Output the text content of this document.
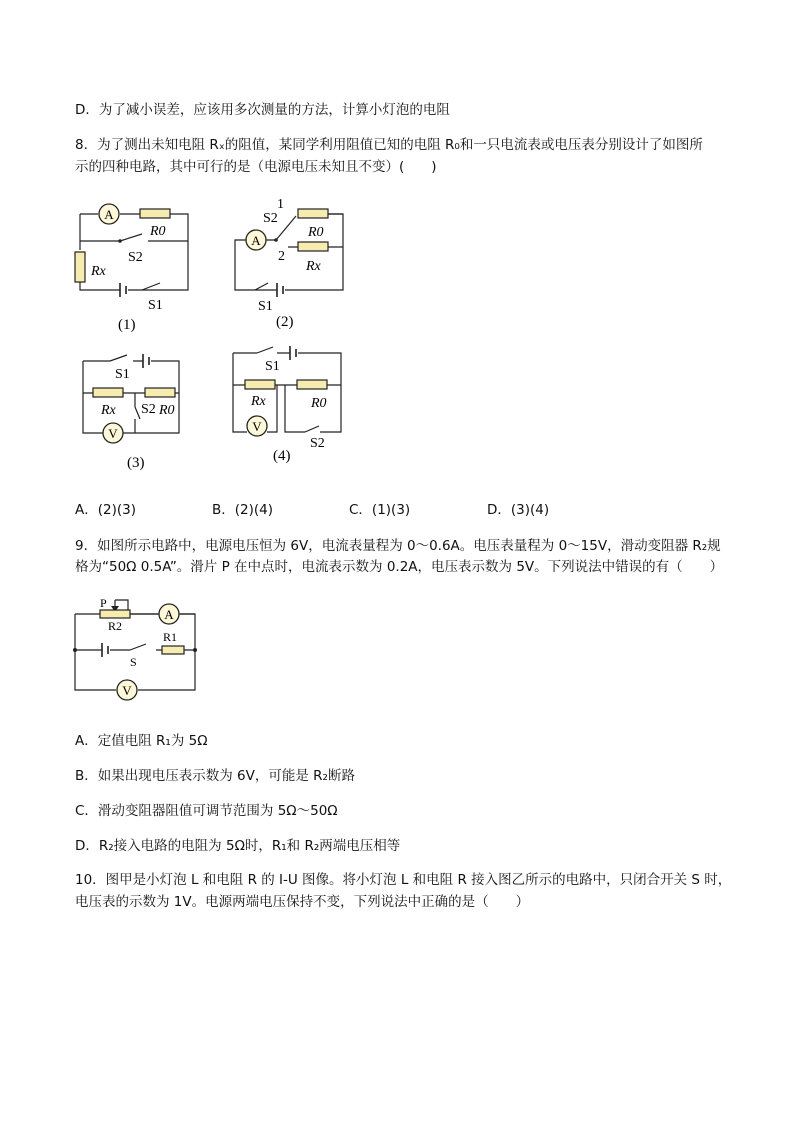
D．为了减小误差，应该用多次测量的方法，计算小灯泡的电阻
8．为了测出未知电阻 Rₓ的阻值，某同学利用阻值已知的电阻 R₀和一只电流表或电压表分别设计了如图所
示的四种电路，其中可行的是（电源电压未知且不变）(　　)
A
R0
S2
Rx
S1
(1)
A
1
2
S2
R0
Rx
S1
(2)
S1
Rx S2 R0
V
(3)
S1
Rx	R0
V
S2
(4)
A．(2)(3)	B．(2)(4)	C．(1)(3)	D．(3)(4)
9．如图所示电路中，电源电压恒为 6V，电流表量程为 0～0.6A。电压表量程为 0～15V，滑动变阻器 R₂规
格为“50Ω 0.5A”。滑片 P 在中点时，电流表示数为 0.2A，电压表示数为 5V。下列说法中错误的有（　　）
P
R2
A
S
R1
V
A．定值电阻 R₁为 5Ω
B．如果出现电压表示数为 6V，可能是 R₂断路
C．滑动变阻器阻值可调节范围为 5Ω～50Ω
D．R₂接入电路的电阻为 5Ω时，R₁和 R₂两端电压相等
10．图甲是小灯泡 L 和电阻 R 的 I-U 图像。将小灯泡 L 和电阻 R 接入图乙所示的电路中，只闭合开关 S 时，
电压表的示数为 1V。电源两端电压保持不变，下列说法中正确的是（　　）
